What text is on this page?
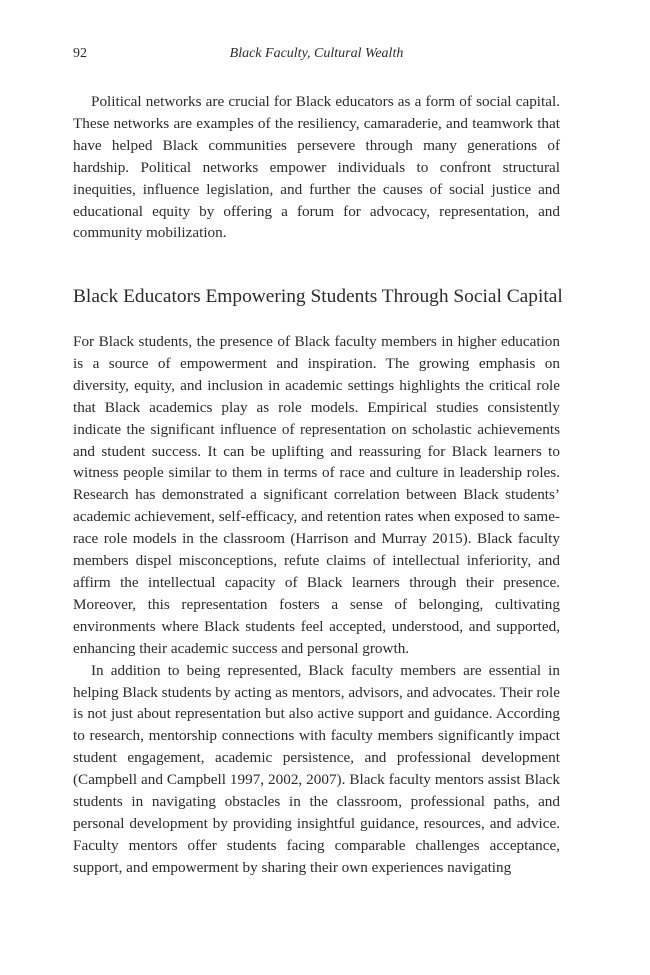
92	Black Faculty, Cultural Wealth

Political networks are crucial for Black educators as a form of social capital. These networks are examples of the resiliency, camaraderie, and teamwork that have helped Black communities persevere through many generations of hardship. Political networks empower individuals to confront structural inequities, influence legislation, and further the causes of social justice and educational equity by offering a forum for advocacy, representation, and community mobilization.

Black Educators Empowering Students Through Social Capital

For Black students, the presence of Black faculty members in higher education is a source of empowerment and inspiration. The growing emphasis on diversity, equity, and inclusion in academic settings highlights the critical role that Black academics play as role models. Empirical studies consistently indicate the significant influence of representation on scholastic achievements and student success. It can be uplifting and reassuring for Black learners to witness people similar to them in terms of race and culture in leadership roles. Research has demonstrated a significant correlation between Black students’ academic achievement, self-efficacy, and retention rates when exposed to same-race role models in the classroom (Harrison and Murray 2015). Black faculty members dispel misconceptions, refute claims of intellectual inferiority, and affirm the intellectual capacity of Black learners through their presence. Moreover, this representation fosters a sense of belonging, cultivating environments where Black students feel accepted, understood, and supported, enhancing their academic success and personal growth.

In addition to being represented, Black faculty members are essential in helping Black students by acting as mentors, advisors, and advocates. Their role is not just about representation but also active support and guidance. According to research, mentorship connections with faculty members significantly impact student engagement, academic persistence, and professional development (Campbell and Campbell 1997, 2002, 2007). Black faculty mentors assist Black students in navigating obstacles in the classroom, professional paths, and personal development by providing insightful guidance, resources, and advice. Faculty mentors offer students facing comparable challenges acceptance, support, and empowerment by sharing their own experiences navigating
